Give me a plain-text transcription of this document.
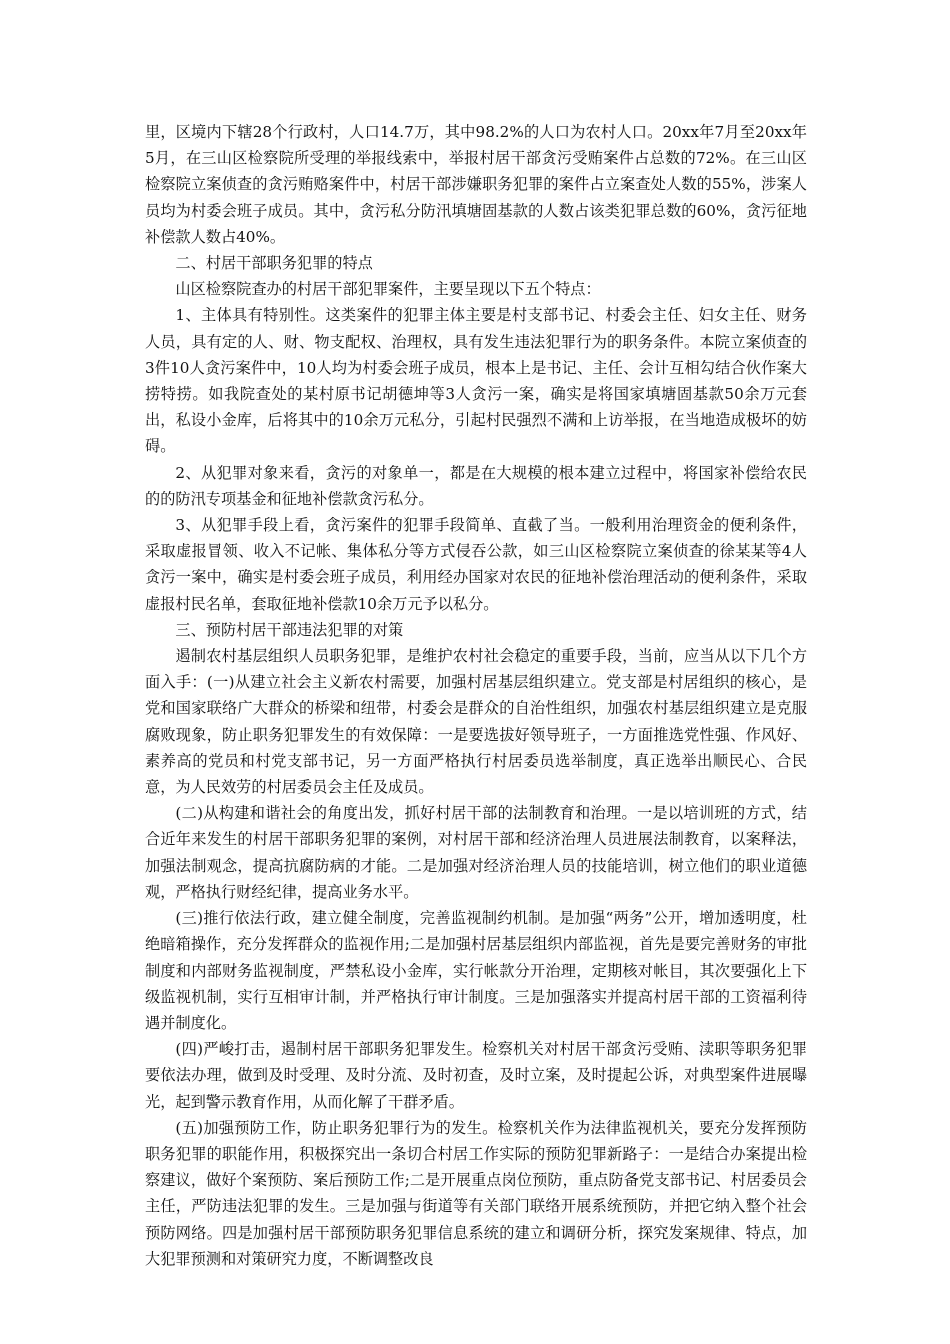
里，区境内下辖28个行政村，人口14.7万，其中98.2%的人口为农村人口。20xx年7月至20xx年5月，在三山区检察院所受理的举报线索中，举报村居干部贪污受贿案件占总数的72%。在三山区检察院立案侦查的贪污贿赂案件中，村居干部涉嫌职务犯罪的案件占立案查处人数的55%，涉案人员均为村委会班子成员。其中，贪污私分防汛填塘固基款的人数占该类犯罪总数的60%，贪污征地补偿款人数占40%。

二、村居干部职务犯罪的特点

山区检察院查办的村居干部犯罪案件，主要呈现以下五个特点：

1、主体具有特别性。这类案件的犯罪主体主要是村支部书记、村委会主任、妇女主任、财务人员，具有定的人、财、物支配权、治理权，具有发生违法犯罪行为的职务条件。本院立案侦查的3件10人贪污案件中，10人均为村委会班子成员，根本上是书记、主任、会计互相勾结合伙作案大捞特捞。如我院查处的某村原书记胡德坤等3人贪污一案，确实是将国家填塘固基款50余万元套出，私设小金库，后将其中的10余万元私分，引起村民强烈不满和上访举报，在当地造成极坏的妨碍。

2、从犯罪对象来看，贪污的对象单一，都是在大规模的根本建立过程中，将国家补偿给农民的的防汛专项基金和征地补偿款贪污私分。

3、从犯罪手段上看，贪污案件的犯罪手段简单、直截了当。一般利用治理资金的便利条件，采取虚报冒领、收入不记帐、集体私分等方式侵吞公款，如三山区检察院立案侦查的徐某某等4人贪污一案中，确实是村委会班子成员，利用经办国家对农民的征地补偿治理活动的便利条件，采取虚报村民名单，套取征地补偿款10余万元予以私分。

三、预防村居干部违法犯罪的对策

遏制农村基层组织人员职务犯罪，是维护农村社会稳定的重要手段，当前，应当从以下几个方面入手：(一)从建立社会主义新农村需要，加强村居基层组织建立。党支部是村居组织的核心，是党和国家联络广大群众的桥梁和纽带，村委会是群众的自治性组织，加强农村基层组织建立是克服腐败现象，防止职务犯罪发生的有效保障：一是要选拔好领导班子，一方面推选党性强、作风好、素养高的党员和村党支部书记，另一方面严格执行村居委员选举制度，真正选举出顺民心、合民意，为人民效劳的村居委员会主任及成员。

(二)从构建和谐社会的角度出发，抓好村居干部的法制教育和治理。一是以培训班的方式，结合近年来发生的村居干部职务犯罪的案例，对村居干部和经济治理人员进展法制教育，以案释法，加强法制观念，提高抗腐防病的才能。二是加强对经济治理人员的技能培训，树立他们的职业道德观，严格执行财经纪律，提高业务水平。

(三)推行依法行政，建立健全制度，完善监视制约机制。是加强“两务”公开，增加透明度，杜绝暗箱操作，充分发挥群众的监视作用;二是加强村居基层组织内部监视，首先是要完善财务的审批制度和内部财务监视制度，严禁私设小金库，实行帐款分开治理，定期核对帐目，其次要强化上下级监视机制，实行互相审计制，并严格执行审计制度。三是加强落实并提高村居干部的工资福利待遇并制度化。

(四)严峻打击，遏制村居干部职务犯罪发生。检察机关对村居干部贪污受贿、渎职等职务犯罪要依法办理，做到及时受理、及时分流、及时初查，及时立案，及时提起公诉，对典型案件进展曝光，起到警示教育作用，从而化解了干群矛盾。

(五)加强预防工作，防止职务犯罪行为的发生。检察机关作为法律监视机关，要充分发挥预防职务犯罪的职能作用，积极探究出一条切合村居工作实际的预防犯罪新路子：一是结合办案提出检察建议，做好个案预防、案后预防工作;二是开展重点岗位预防，重点防备党支部书记、村居委员会主任，严防违法犯罪的发生。三是加强与街道等有关部门联络开展系统预防，并把它纳入整个社会预防网络。四是加强村居干部预防职务犯罪信息系统的建立和调研分析，探究发案规律、特点，加大犯罪预测和对策研究力度，不断调整改良
